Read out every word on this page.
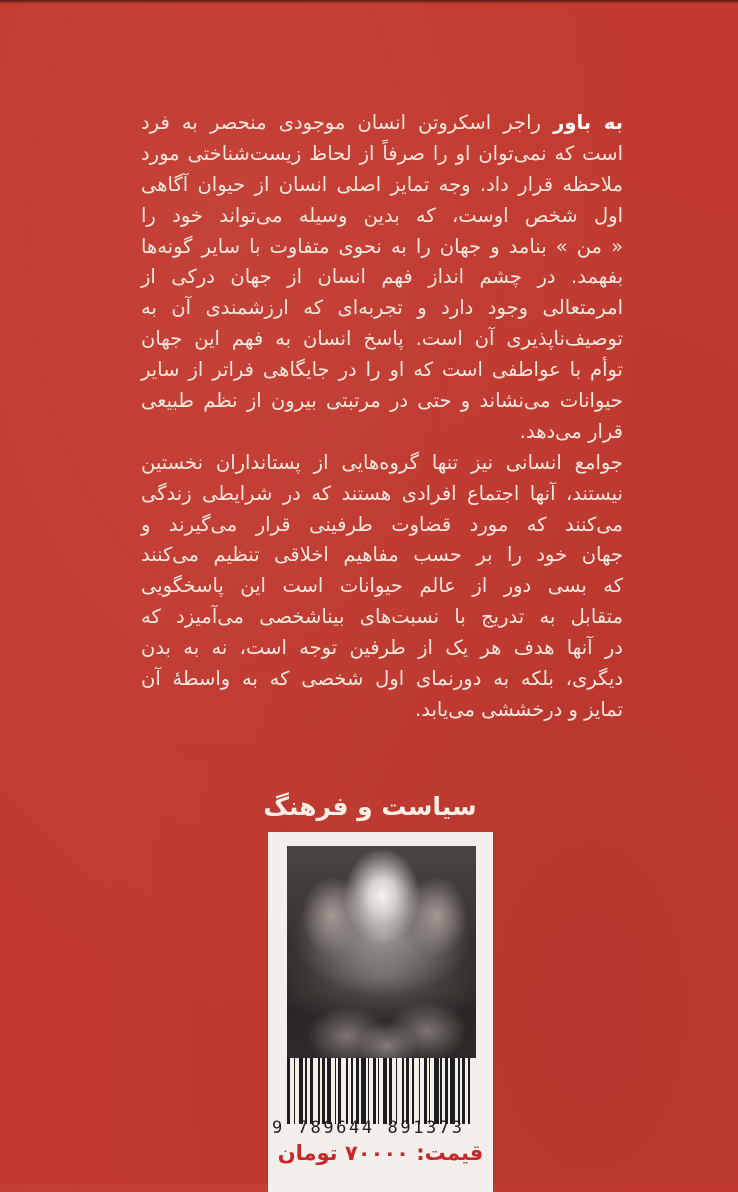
به باور راجر اسکروتن انسان موجودی منحصر به فرد
است که نمی‌توان او را صرفاً از لحاظ زیست‌شناختی مورد
ملاحظه قرار داد. وجه تمایز اصلی انسان از حیوان آگاهی
اول شخص اوست، که بدین وسیله می‌تواند خود را
« من » بنامد و جهان را به نحوی متفاوت با سایر گونه‌ها
بفهمد. در چشم انداز فهم انسان از جهان درکی از
امرمتعالی وجود دارد و تجربه‌ای که ارزشمندی آن به
توصیف‌ناپذیری آن است. پاسخ انسان به فهم این جهان
توأم با عواطفی است که او را در جایگاهی فراتر از سایر
حیوانات می‌نشاند و حتی در مرتبتی بیرون از نظم طبیعی
قرار می‌دهد.
جوامع انسانی نیز تنها گروه‌هایی از پستانداران نخستین
نیستند، آنها اجتماع افرادی هستند که در شرایطی زندگی
می‌کنند که مورد قضاوت طرفینی قرار می‌گیرند و
جهان خود را بر حسب مفاهیم اخلاقی تنظیم می‌کنند
که بسی دور از عالم حیوانات است این پاسخگویی
متقابل به تدریج با نسبت‌های بیناشخصی می‌آمیزد که
در آنها هدف هر یک از طرفین توجه است، نه به بدن
دیگری، بلکه به دورنمای اول شخصی که به واسطهٔ آن
تمایز و درخششی می‌یابد.
سیاست و فرهنگ
9 789644 891373
قیمت: ۷۰۰۰۰ تومان
